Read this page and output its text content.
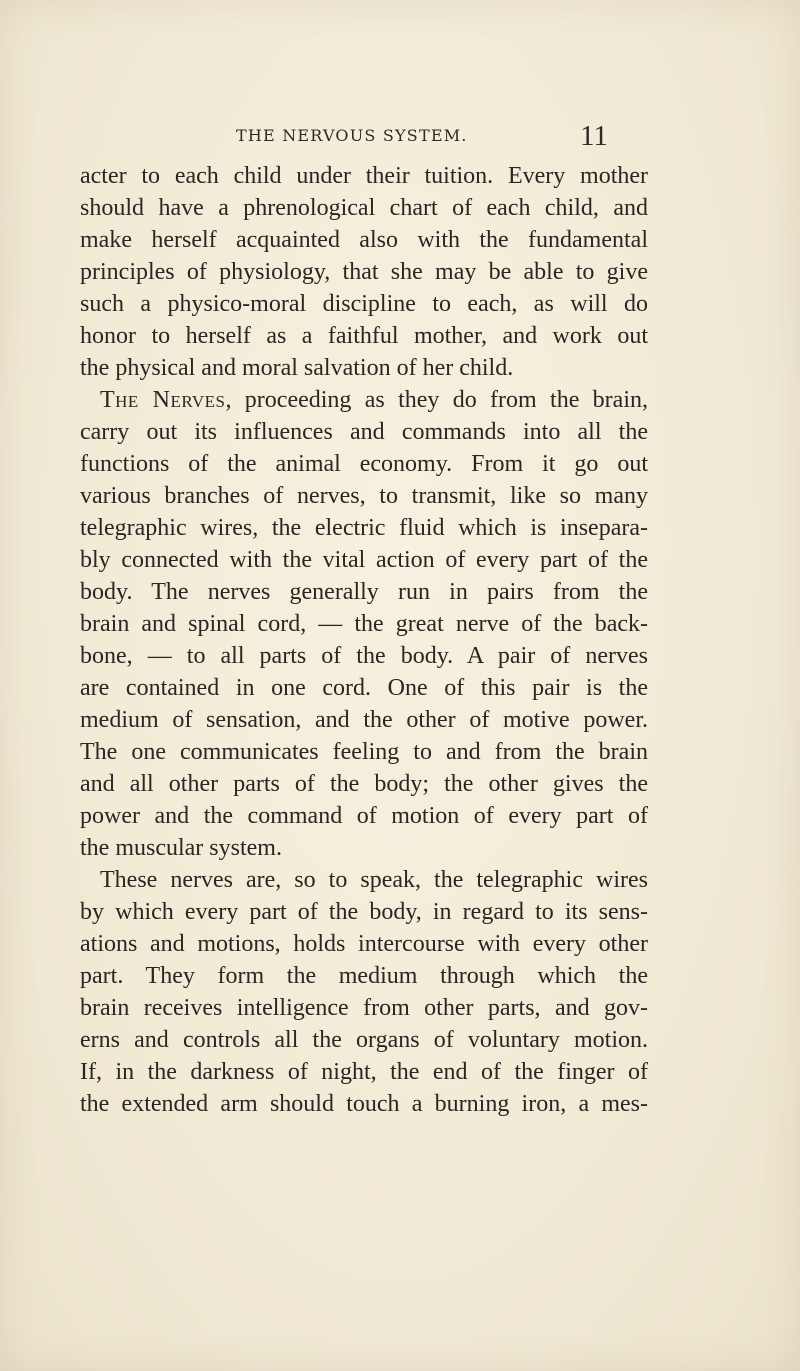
THE NERVOUS SYSTEM.	11
acter to each child under their tuition. Every mother
should have a phrenological chart of each child, and
make herself acquainted also with the fundamental
principles of physiology, that she may be able to give
such a physico-moral discipline to each, as will do
honor to herself as a faithful mother, and work out
the physical and moral salvation of her child.
The Nerves, proceeding as they do from the brain,
carry out its influences and commands into all the
functions of the animal economy. From it go out
various branches of nerves, to transmit, like so many
telegraphic wires, the electric fluid which is insepara-
bly connected with the vital action of every part of the
body. The nerves generally run in pairs from the
brain and spinal cord, — the great nerve of the back-
bone, — to all parts of the body. A pair of nerves
are contained in one cord. One of this pair is the
medium of sensation, and the other of motive power.
The one communicates feeling to and from the brain
and all other parts of the body; the other gives the
power and the command of motion of every part of
the muscular system.
These nerves are, so to speak, the telegraphic wires
by which every part of the body, in regard to its sens-
ations and motions, holds intercourse with every other
part. They form the medium through which the
brain receives intelligence from other parts, and gov-
erns and controls all the organs of voluntary motion.
If, in the darkness of night, the end of the finger of
the extended arm should touch a burning iron, a mes-
